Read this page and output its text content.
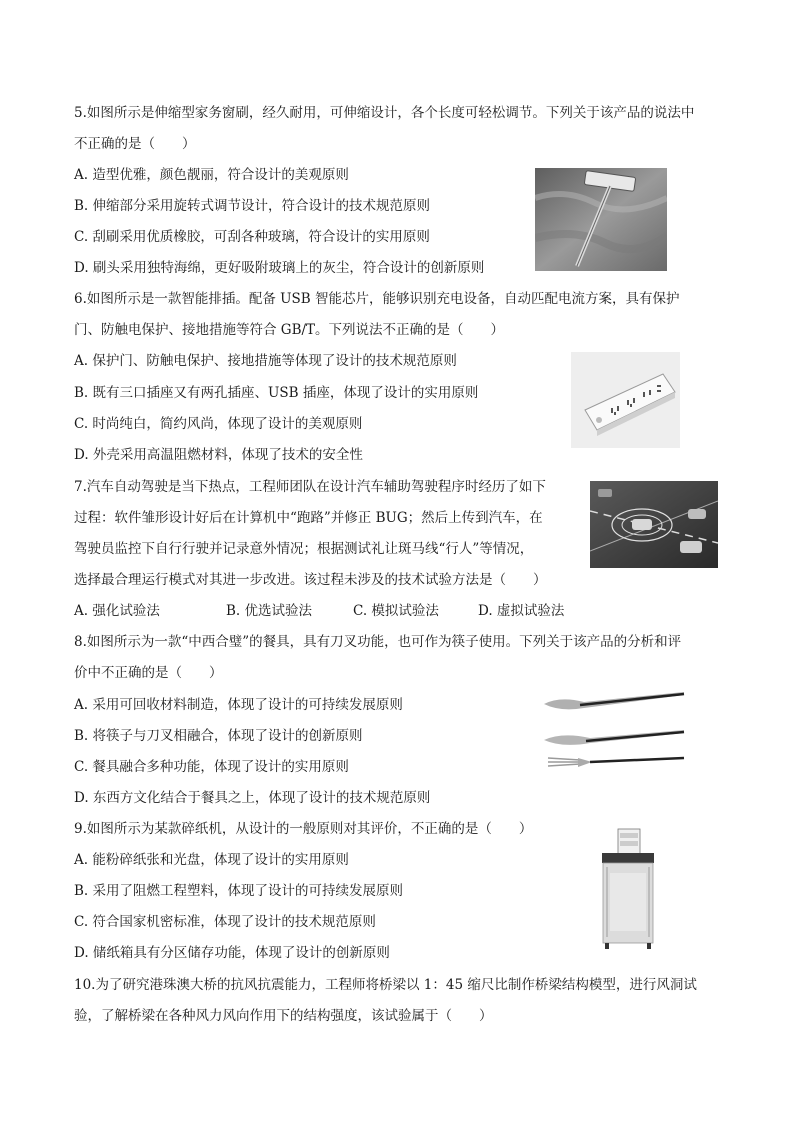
5.如图所示是伸缩型家务窗刷，经久耐用，可伸缩设计，各个长度可轻松调节。下列关于该产品的说法中
不正确的是（　　）
A. 造型优雅，颜色靓丽，符合设计的美观原则
B. 伸缩部分采用旋转式调节设计，符合设计的技术规范原则
C. 刮刷采用优质橡胶，可刮各种玻璃，符合设计的实用原则
D. 刷头采用独特海绵，更好吸附玻璃上的灰尘，符合设计的创新原则
6.如图所示是一款智能排插。配备 USB 智能芯片，能够识别充电设备，自动匹配电流方案，具有保护
门、防触电保护、接地措施等符合 GB/T。下列说法不正确的是（　　）
A. 保护门、防触电保护、接地措施等体现了设计的技术规范原则
B. 既有三口插座又有两孔插座、USB 插座，体现了设计的实用原则
C. 时尚纯白，简约风尚，体现了设计的美观原则
D. 外壳采用高温阻燃材料，体现了技术的安全性
7.汽车自动驾驶是当下热点，工程师团队在设计汽车辅助驾驶程序时经历了如下
过程：软件雏形设计好后在计算机中“跑路”并修正 BUG；然后上传到汽车，在
驾驶员监控下自行行驶并记录意外情况；根据测试礼让斑马线“行人”等情况，
选择最合理运行模式对其进一步改进。该过程未涉及的技术试验方法是（　　）
A. 强化试验法	B. 优选试验法	C. 模拟试验法	D. 虚拟试验法
8.如图所示为一款“中西合璧”的餐具，具有刀叉功能，也可作为筷子使用。下列关于该产品的分析和评
价中不正确的是（　　）
A. 采用可回收材料制造，体现了设计的可持续发展原则
B. 将筷子与刀叉相融合，体现了设计的创新原则
C. 餐具融合多种功能，体现了设计的实用原则
D. 东西方文化结合于餐具之上，体现了设计的技术规范原则
9.如图所示为某款碎纸机，从设计的一般原则对其评价，不正确的是（　　）
A. 能粉碎纸张和光盘，体现了设计的实用原则
B. 采用了阻燃工程塑料，体现了设计的可持续发展原则
C. 符合国家机密标准，体现了设计的技术规范原则
D. 储纸箱具有分区储存功能，体现了设计的创新原则
10.为了研究港珠澳大桥的抗风抗震能力，工程师将桥梁以 1：45 缩尺比制作桥梁结构模型，进行风洞试
验，了解桥梁在各种风力风向作用下的结构强度，该试验属于（　　）
